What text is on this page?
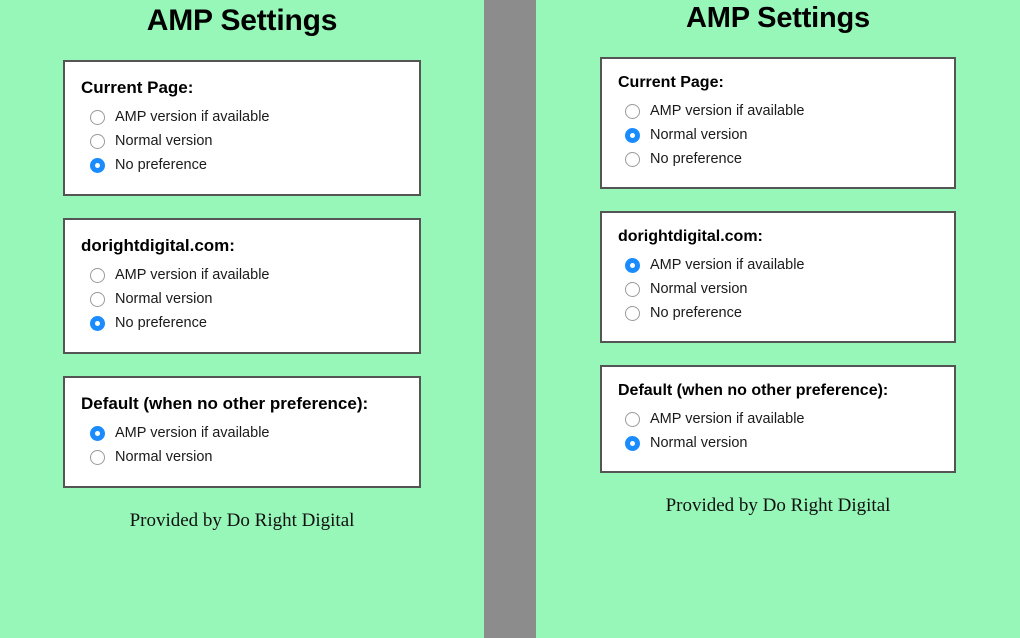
AMP Settings
Current Page:
AMP version if available
Normal version
No preference
dorightdigital.com:
AMP version if available
Normal version
No preference
Default (when no other preference):
AMP version if available
Normal version
Provided by Do Right Digital
AMP Settings
Current Page:
AMP version if available
Normal version
No preference
dorightdigital.com:
AMP version if available
Normal version
No preference
Default (when no other preference):
AMP version if available
Normal version
Provided by Do Right Digital
